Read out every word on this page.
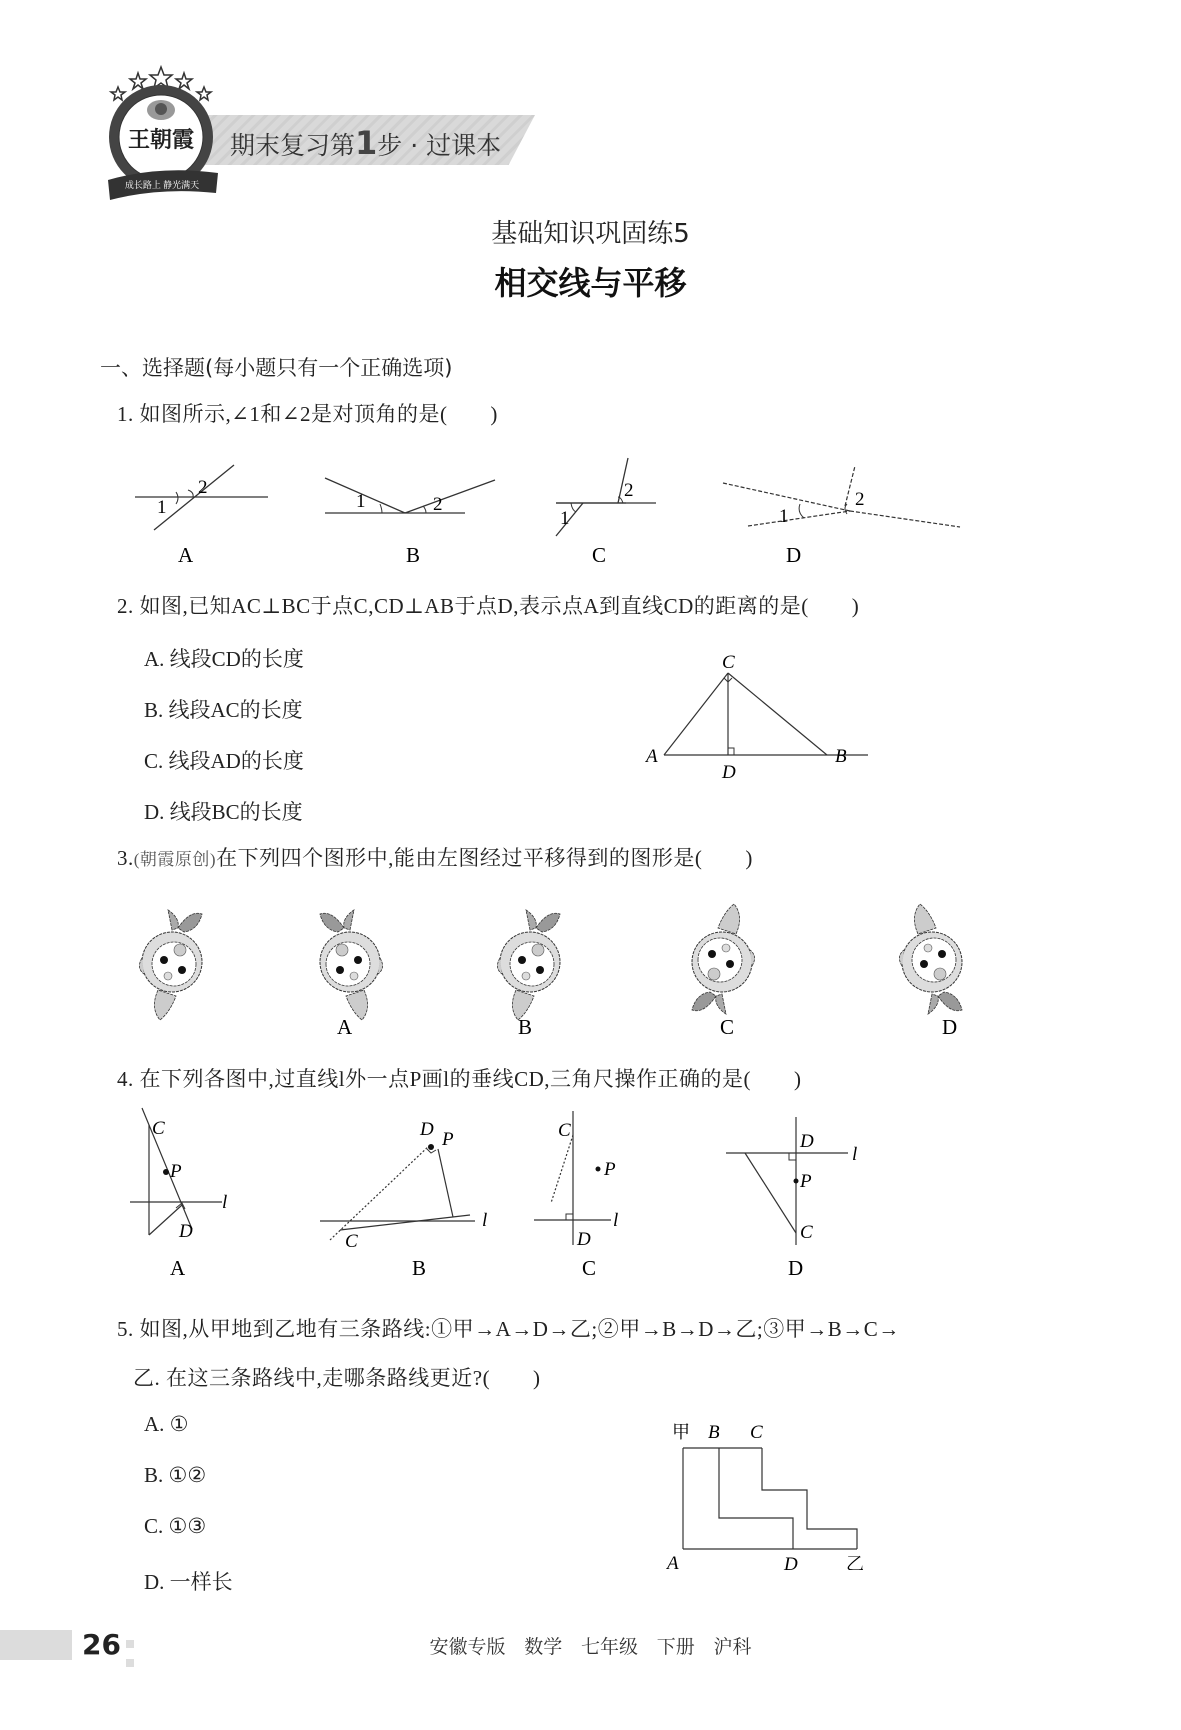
期末复习第1步 · 过课本
王朝霞
成长路上 静光满天
基础知识巩固练5
相交线与平移
一、选择题(每小题只有一个正确选项)
1. 如图所示,∠1和∠2是对顶角的是(　　)
1
2
A
1	2
B
1
2
C
1
2
D
2. 如图,已知AC⊥BC于点C,CD⊥AB于点D,表示点A到直线CD的距离的是(　　)
A. 线段CD的长度
B. 线段AC的长度
C. 线段AD的长度
D. 线段BC的长度
C
A	B
D
3.(朝霞原创)在下列四个图形中,能由左图经过平移得到的图形是(　　)
A	B	C	D
4. 在下列各图中,过直线l外一点P画l的垂线CD,三角尺操作正确的是(　　)
C
P
l
D
A
D P
l
C
B
C
P
l
D
C
D
P
l
C
D
5. 如图,从甲地到乙地有三条路线:①甲→A→D→乙;②甲→B→D→乙;③甲→B→C→
乙. 在这三条路线中,走哪条路线更近?(　　)
A. ①
B. ①②
C. ①③
D. 一样长
甲 B C
A	D	乙
26	安徽专版 数学 七年级 下册 沪科
